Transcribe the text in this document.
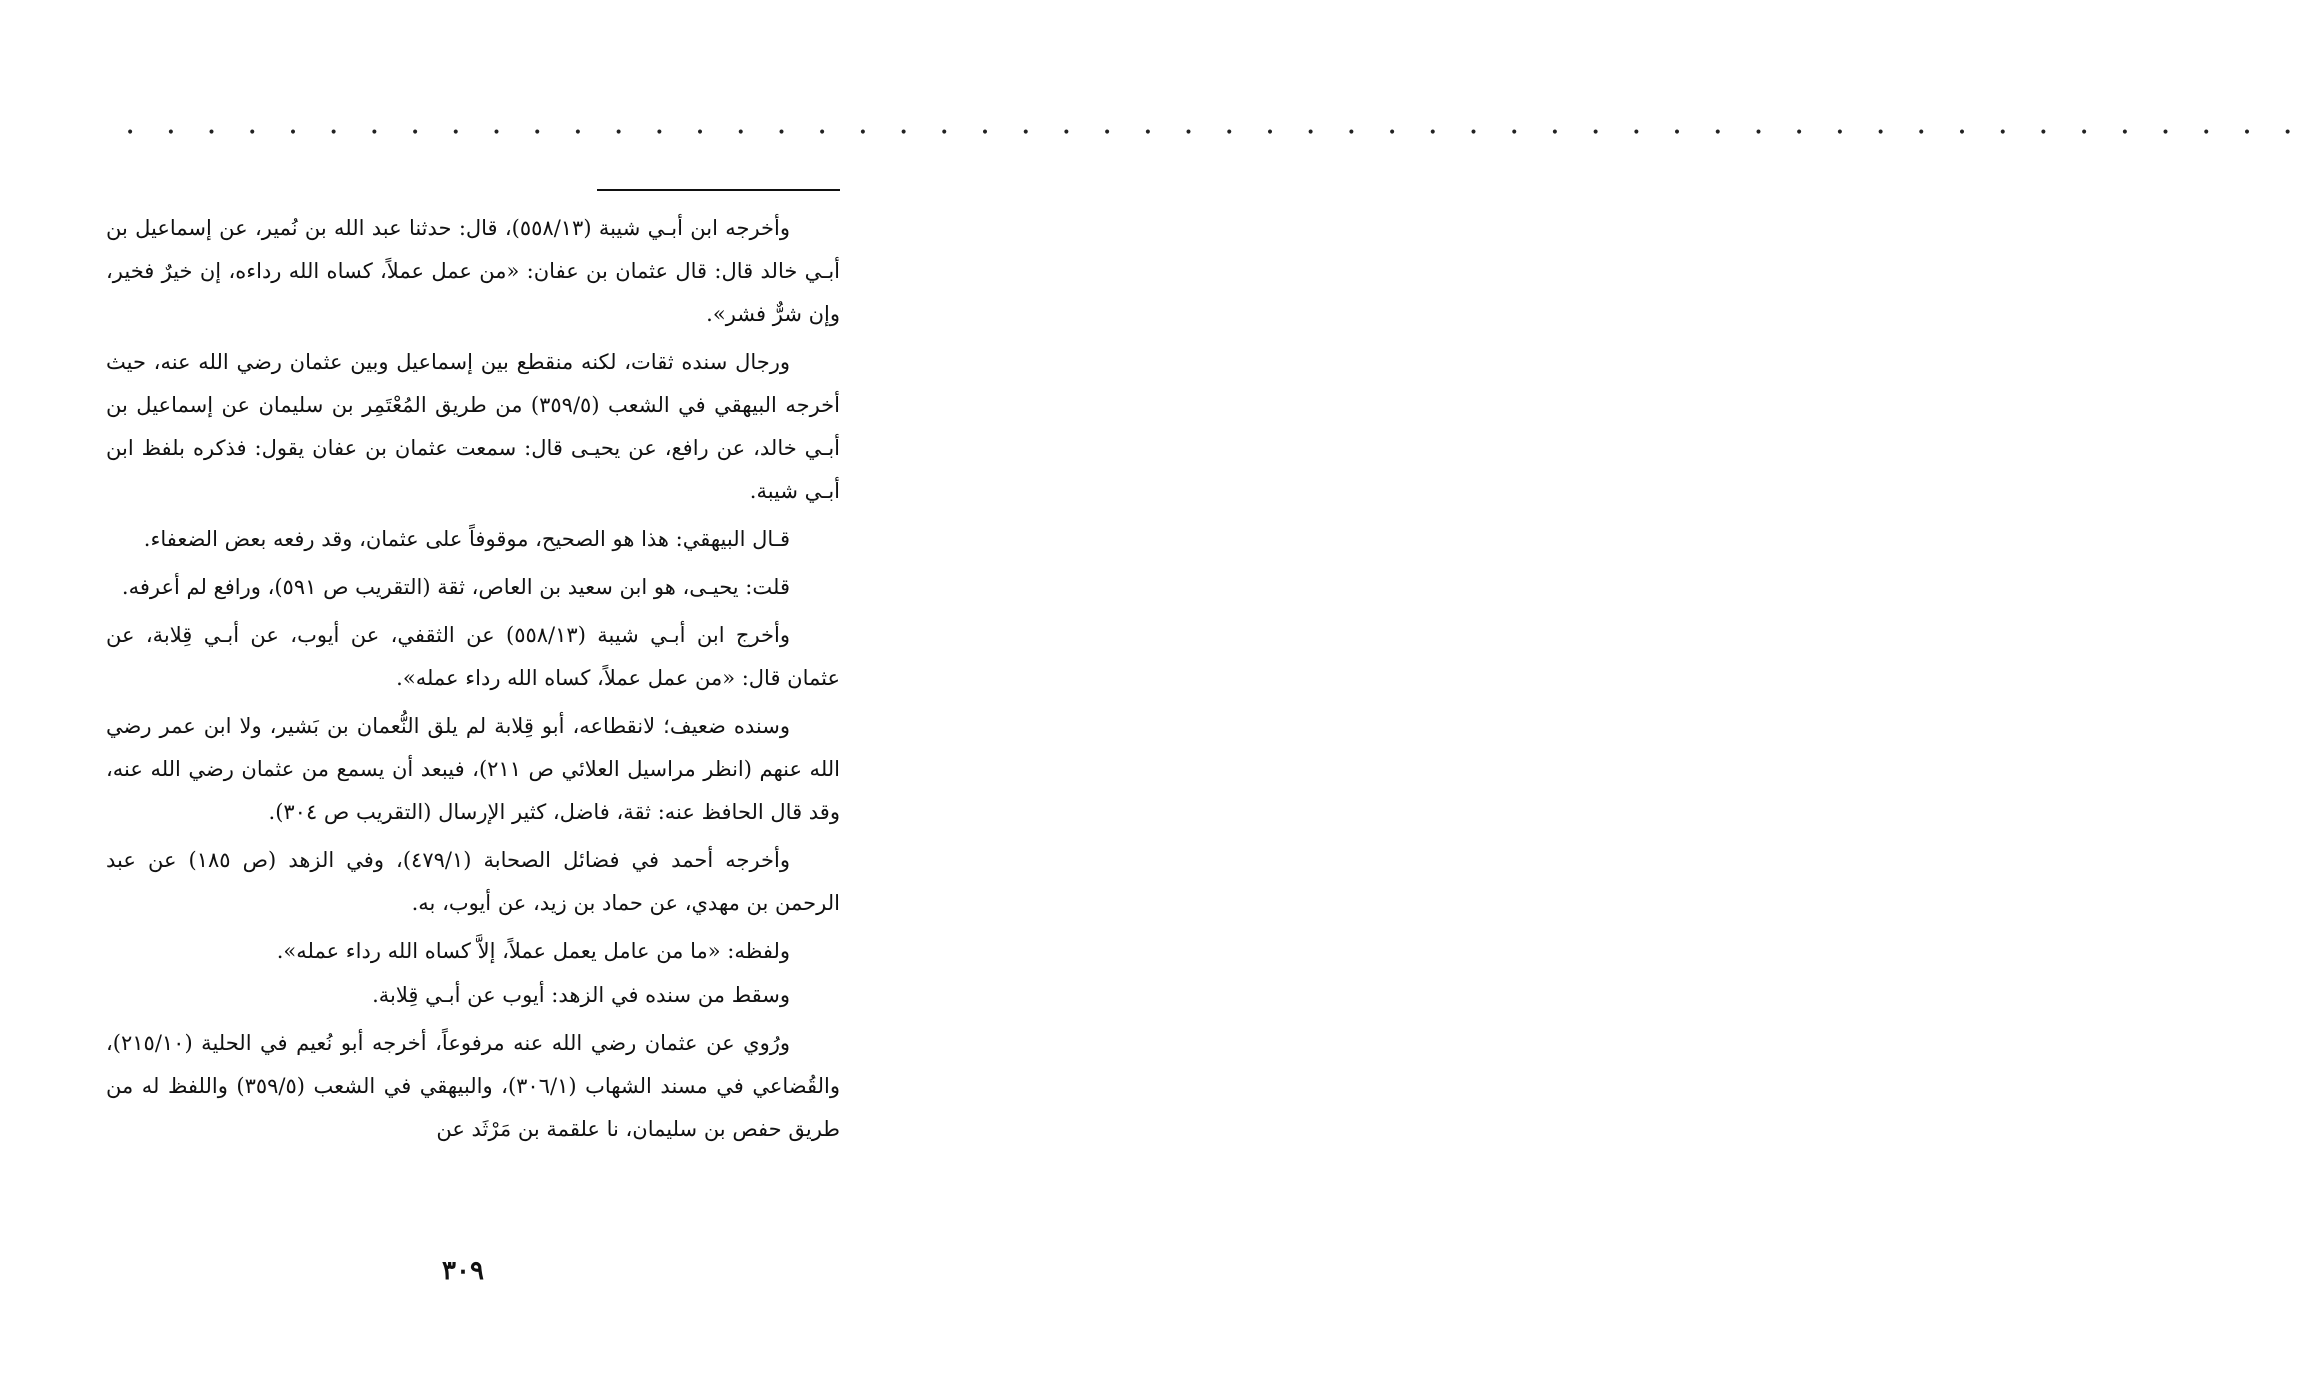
• • • • • • • • • • • • • • • • • • • • • • • • • • • • • • • • • • • • • • • • • • • • • • • • • • • • • •

وأخرجه ابن أبـي شيبة (٥٥٨/١٣)، قال: حدثنا عبد الله بن نُمير، عن إسماعيل بن أبـي خالد قال: قال عثمان بن عفان: «من عمل عملاً، كساه الله رداءه، إن خيرٌ فخير، وإن شرٌّ فشر».

ورجال سنده ثقات، لكنه منقطع بين إسماعيل وبين عثمان رضي الله عنه، حيث أخرجه البيهقي في الشعب (٣٥٩/٥) من طريق المُعْتَمِر بن سليمان عن إسماعيل بن أبـي خالد، عن رافع، عن يحيـى قال: سمعت عثمان بن عفان يقول: فذكره بلفظ ابن أبـي شيبة.

قـال البيهقي: هذا هو الصحيح، موقوفاً على عثمان، وقد رفعه بعض الضعفاء.

قلت: يحيـى، هو ابن سعيد بن العاص، ثقة (التقريب ص ٥٩١)، ورافع لم أعرفه.

وأخرج ابن أبـي شيبة (٥٥٨/١٣) عن الثقفي، عن أيوب، عن أبـي قِلابة، عن عثمان قال: «من عمل عملاً، كساه الله رداء عمله».

وسنده ضعيف؛ لانقطاعه، أبو قِلابة لم يلق النُّعمان بن بَشير، ولا ابن عمر رضي الله عنهم (انظر مراسيل العلائي ص ٢١١)، فيبعد أن يسمع من عثمان رضي الله عنه، وقد قال الحافظ عنه: ثقة، فاضل، كثير الإرسال (التقريب ص ٣٠٤).

وأخرجه أحمد في فضائل الصحابة (٤٧٩/١)، وفي الزهد (ص ١٨٥) عن عبد الرحمن بن مهدي، عن حماد بن زيد، عن أيوب، به.

ولفظه: «ما من عامل يعمل عملاً، إلاَّ كساه الله رداء عمله».

وسقط من سنده في الزهد: أيوب عن أبـي قِلابة.

ورُوي عن عثمان رضي الله عنه مرفوعاً، أخرجه أبو نُعيم في الحلية (٢١٥/١٠)، والقُضاعي في مسند الشهاب (٣٠٦/١)، والبيهقي في الشعب (٣٥٩/٥) واللفظ له من طريق حفص بن سليمان، نا علقمة بن مَرْثَد عن

٣٠٩
